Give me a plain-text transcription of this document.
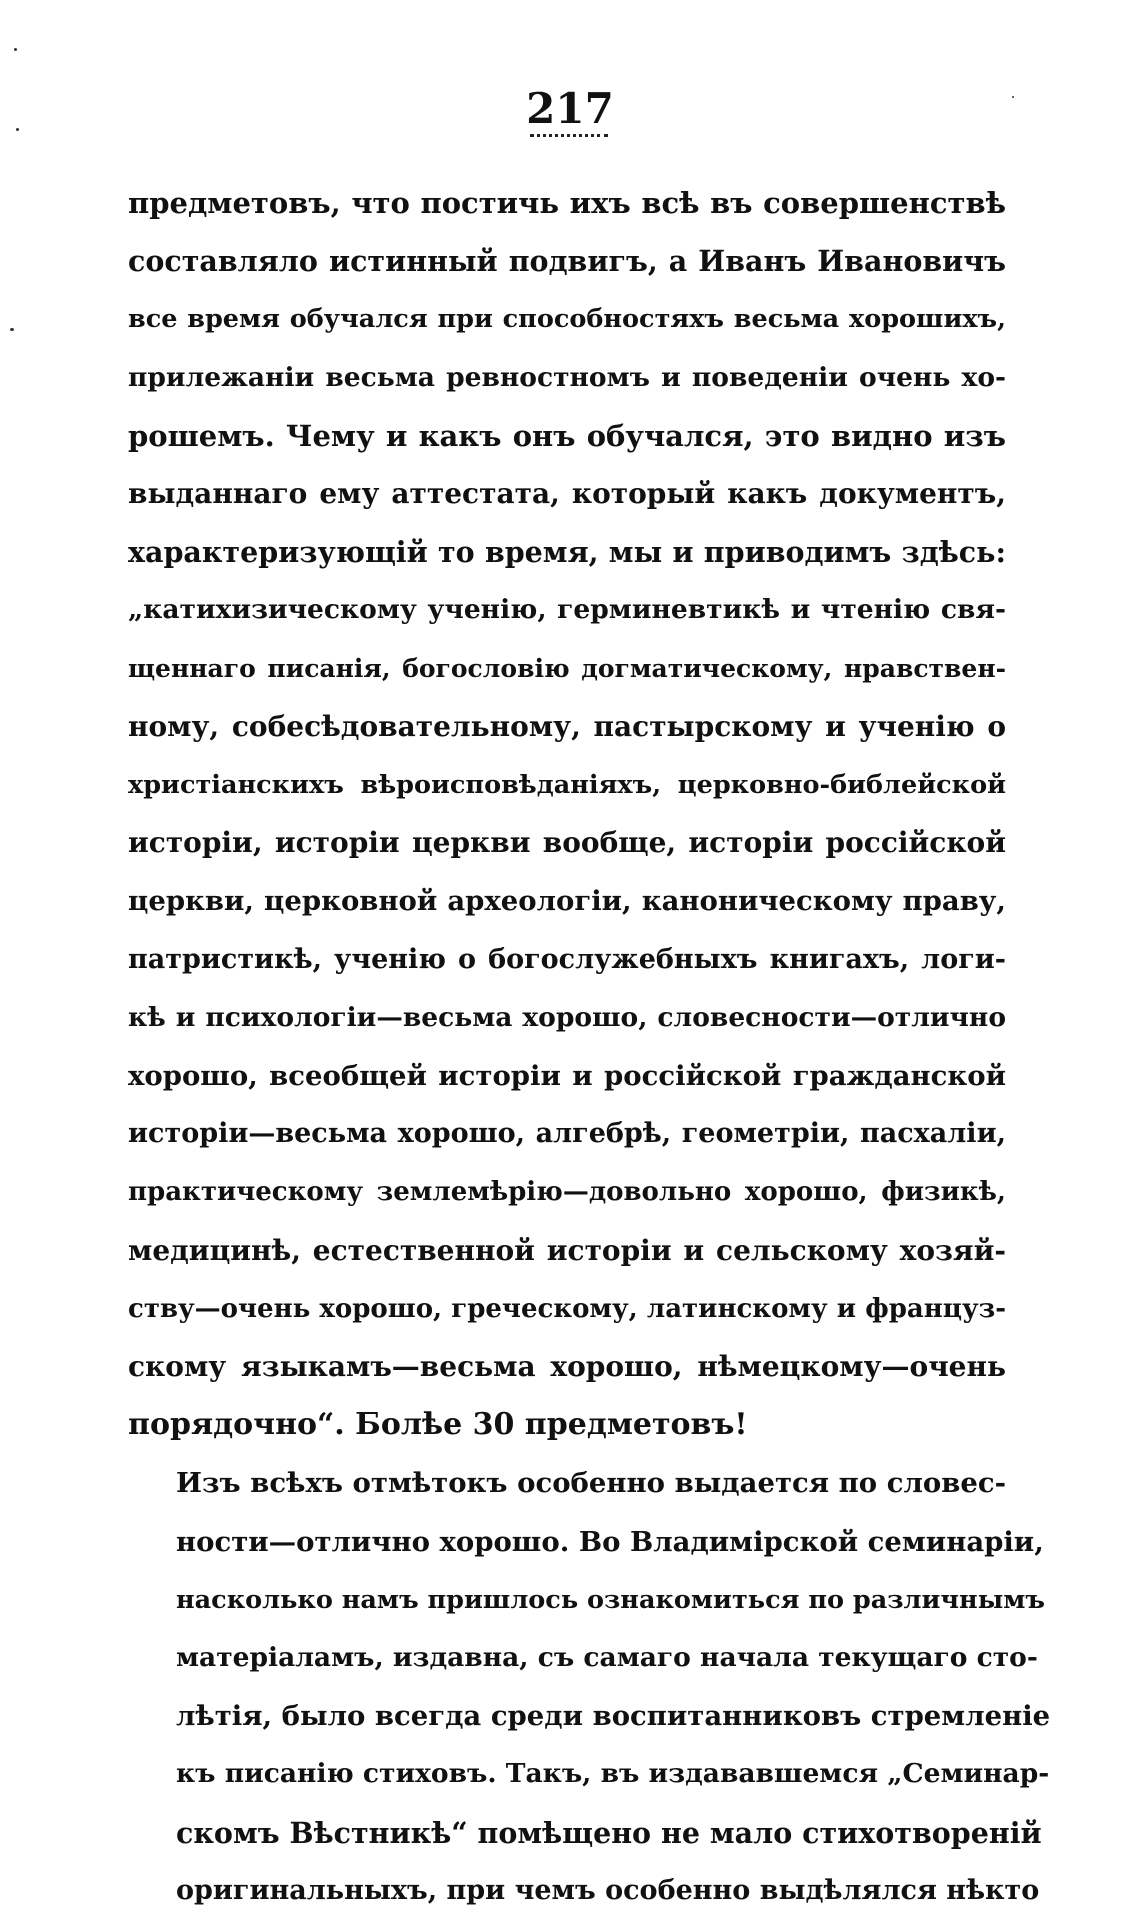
217

предметовъ, что постичь ихъ всѣ въ совершенствѣ
составляло истинный подвигъ, а Иванъ Ивановичъ
все время обучался при способностяхъ весьма хорошихъ,
прилежаніи весьма ревностномъ и поведеніи очень хо-
рошемъ. Чему и какъ онъ обучался, это видно изъ
выданнаго ему аттестата, который какъ документъ,
характеризующій то время, мы и приводимъ здѣсь:
„катихизическому ученію, герминевтикѣ и чтенію свя-
щеннаго писанія, богословію догматическому, нравствен-
ному, собесѣдовательному, пастырскому и ученію о
христіанскихъ вѣроисповѣданіяхъ, церковно-библейской
исторіи, исторіи церкви вообще, исторіи россійской
церкви, церковной археологіи, каноническому праву,
патристикѣ, ученію о богослужебныхъ книгахъ, логи-
кѣ и психологіи—весьма хорошо, словесности—отлично
хорошо, всеобщей исторіи и россійской гражданской
исторіи—весьма хорошо, алгебрѣ, геометріи, пасхаліи,
практическому землемѣрію—довольно хорошо, физикѣ,
медицинѣ, естественной исторіи и сельскому хозяй-
ству—очень хорошо, греческому, латинскому и француз-
скому языкамъ—весьма хорошо, нѣмецкому—очень
порядочно“. Болѣе 30 предметовъ!

Изъ всѣхъ отмѣтокъ особенно выдается по словес-
ности—отлично хорошо. Во Владимірской семинаріи,
насколько намъ пришлось ознакомиться по различнымъ
матеріаламъ, издавна, съ самаго начала текущаго сто-
лѣтія, было всегда среди воспитанниковъ стремленіе
къ писанію стиховъ. Такъ, въ издававшемся „Семинар-
скомъ Вѣстникѣ“ помѣщено не мало стихотвореній
оригинальныхъ, при чемъ особенно выдѣлялся нѣкто
